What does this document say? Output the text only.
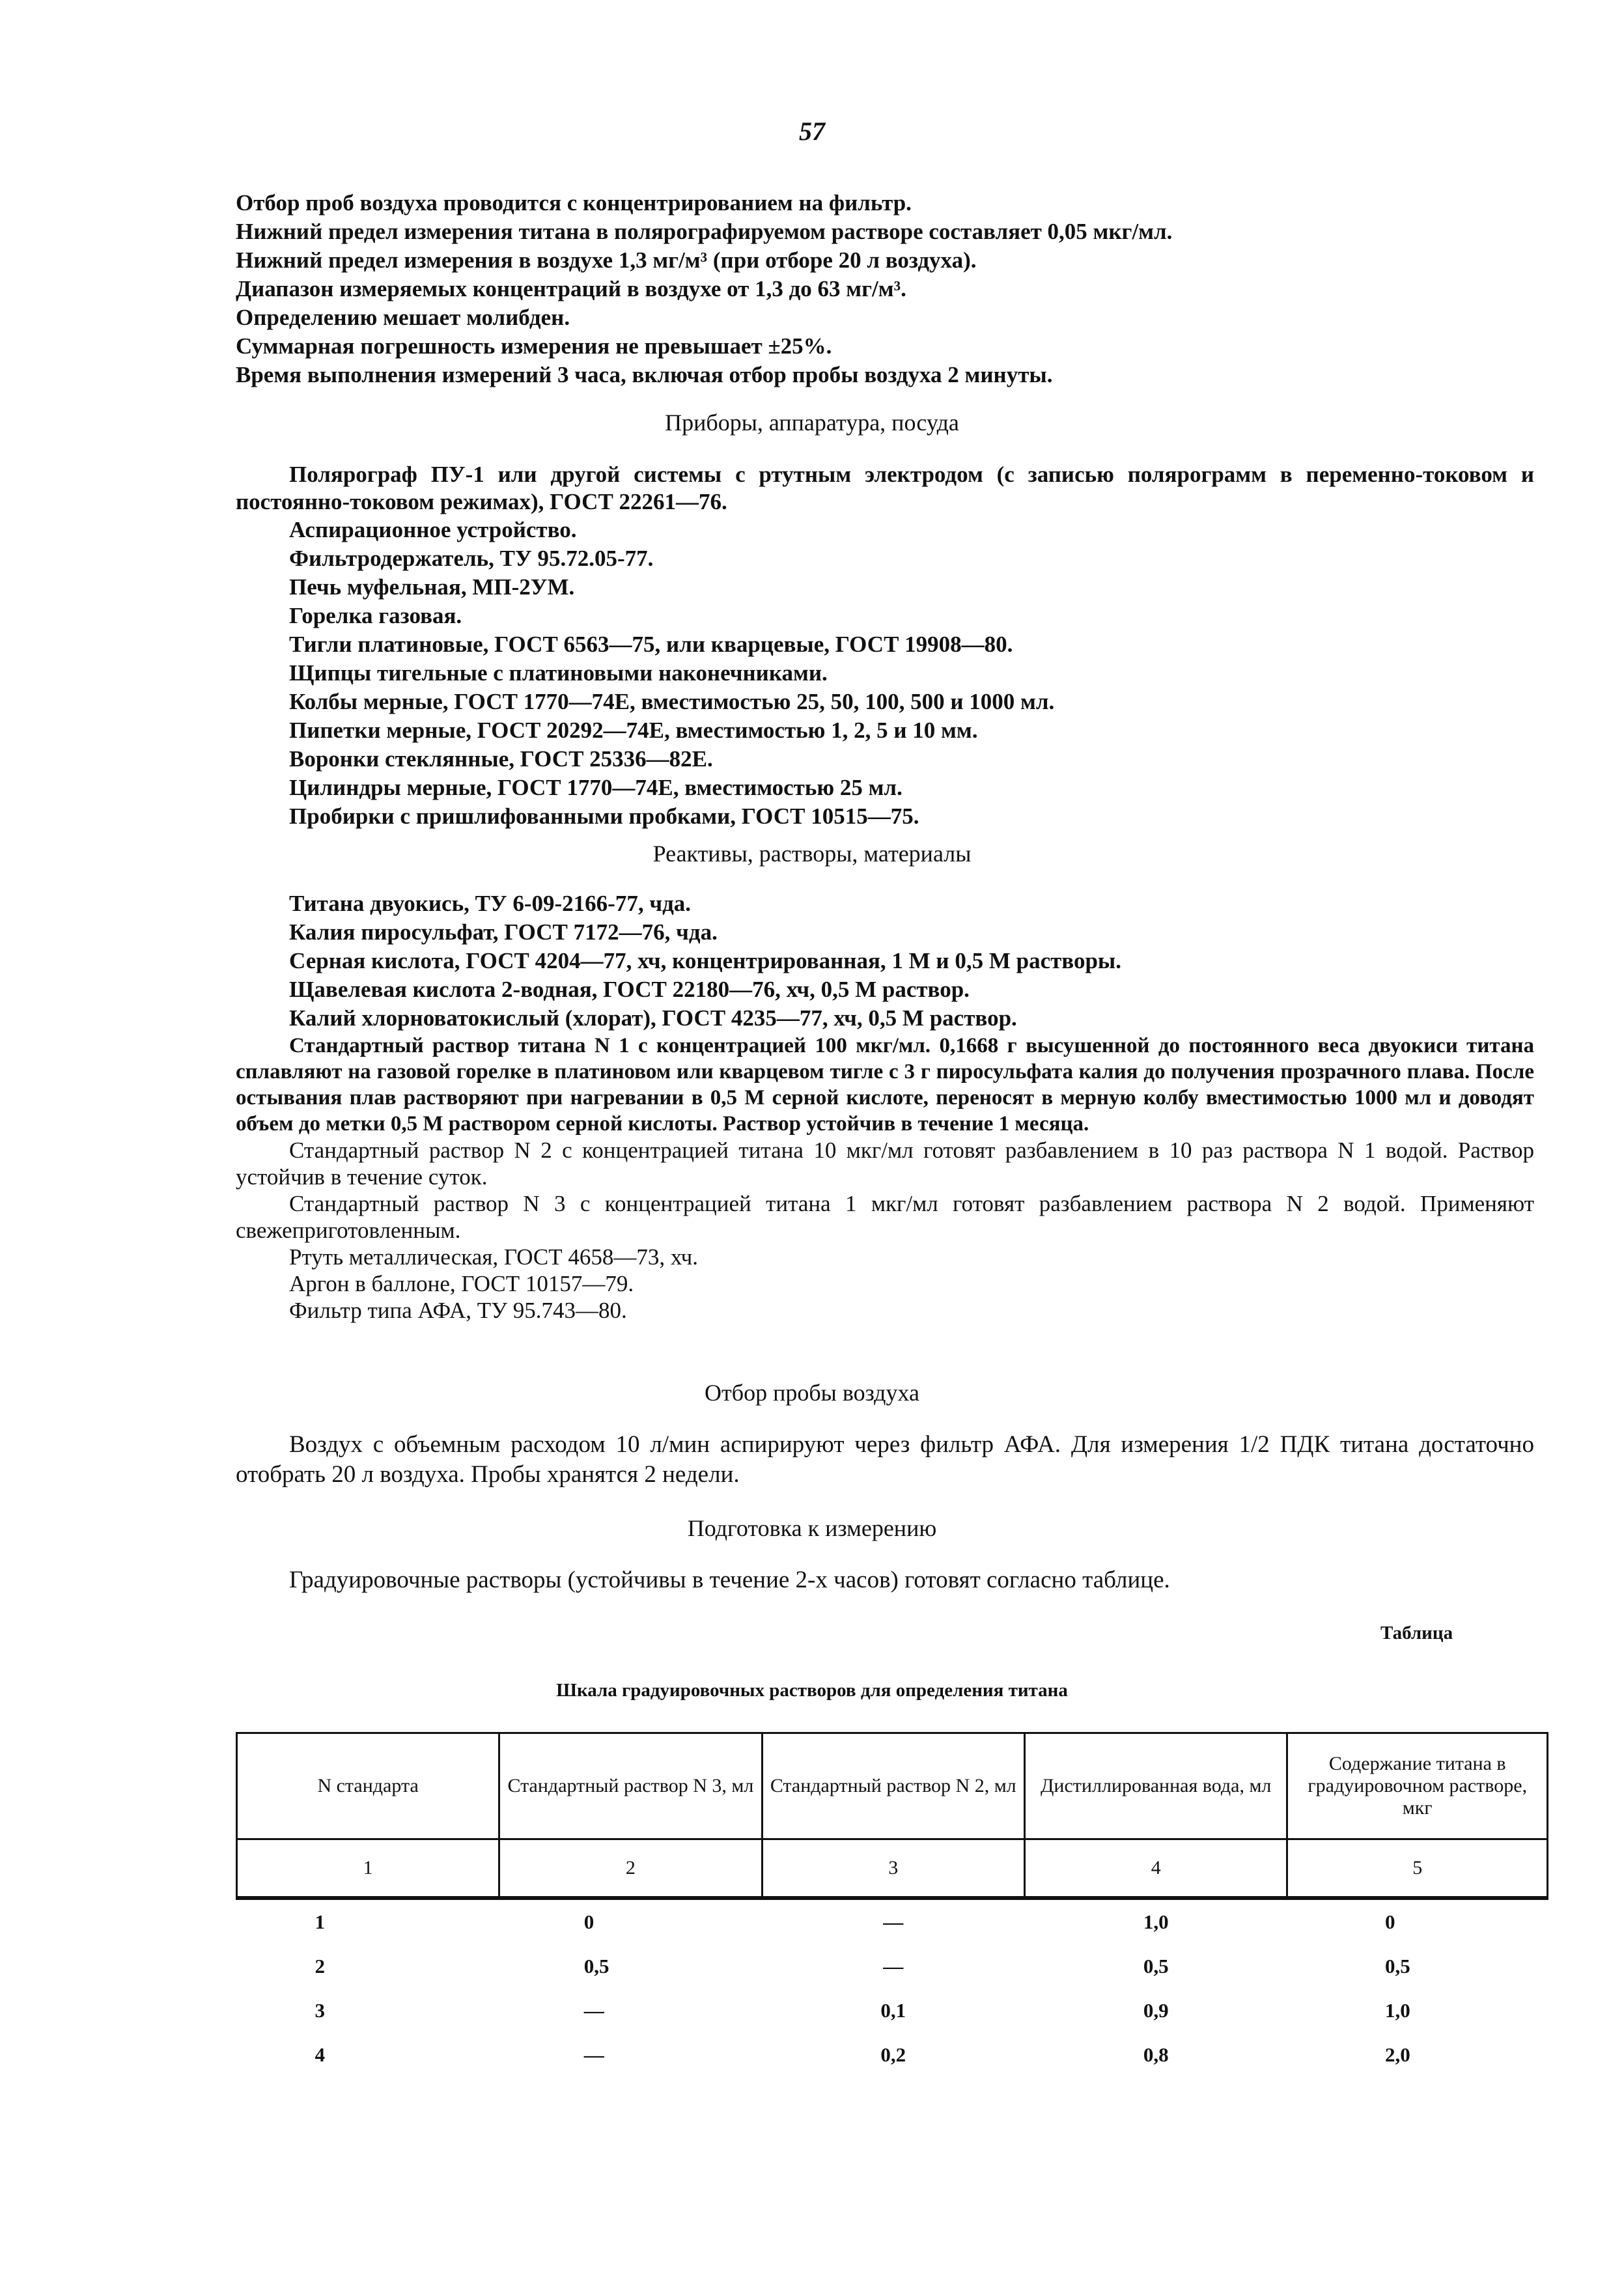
57
Отбор проб воздуха проводится с концентрированием на фильтр.
Нижний предел измерения титана в полярографируемом растворе составляет 0,05 мкг/мл.
Нижний предел измерения в воздухе 1,3 мг/м³ (при отборе 20 л воздуха).
Диапазон измеряемых концентраций в воздухе от 1,3 до 63 мг/м³.
Определению мешает молибден.
Суммарная погрешность измерения не превышает ±25%.
Время выполнения измерений 3 часа, включая отбор пробы воздуха 2 минуты.
Приборы, аппаратура, посуда
Полярограф ПУ-1 или другой системы с ртутным электродом (с записью полярограмм в переменно-токовом и постоянно-токовом режимах), ГОСТ 22261—76.
Аспирационное устройство.
Фильтродержатель, ТУ 95.72.05-77.
Печь муфельная, МП-2УМ.
Горелка газовая.
Тигли платиновые, ГОСТ 6563—75, или кварцевые, ГОСТ 19908—80.
Щипцы тигельные с платиновыми наконечниками.
Колбы мерные, ГОСТ 1770—74Е, вместимостью 25, 50, 100, 500 и 1000 мл.
Пипетки мерные, ГОСТ 20292—74Е, вместимостью 1, 2, 5 и 10 мм.
Воронки стеклянные, ГОСТ 25336—82Е.
Цилиндры мерные, ГОСТ 1770—74Е, вместимостью 25 мл.
Пробирки с пришлифованными пробками, ГОСТ 10515—75.
Реактивы, растворы, материалы
Титана двуокись, ТУ 6-09-2166-77, чда.
Калия пиросульфат, ГОСТ 7172—76, чда.
Серная кислота, ГОСТ 4204—77, хч, концентрированная, 1 М и 0,5 М растворы.
Щавелевая кислота 2-водная, ГОСТ 22180—76, хч, 0,5 М раствор.
Калий хлорноватокислый (хлорат), ГОСТ 4235—77, хч, 0,5 М раствор.
Стандартный раствор титана N 1 с концентрацией 100 мкг/мл. 0,1668 г высушенной до постоянного веса двуокиси титана сплавляют на газовой горелке в платиновом или кварцевом тигле с 3 г пиросульфата калия до получения прозрачного плава. После остывания плав растворяют при нагревании в 0,5 М серной кислоте, переносят в мерную колбу вместимостью 1000 мл и доводят объем до метки 0,5 М раствором серной кислоты. Раствор устойчив в течение 1 месяца.
Стандартный раствор N 2 с концентрацией титана 10 мкг/мл готовят разбавлением в 10 раз раствора N 1 водой. Раствор устойчив в течение суток.
Стандартный раствор N 3 с концентрацией титана 1 мкг/мл готовят разбавлением раствора N 2 водой. Применяют свежеприготовленным.
Ртуть металлическая, ГОСТ 4658—73, хч.
Аргон в баллоне, ГОСТ 10157—79.
Фильтр типа АФА, ТУ 95.743—80.
Отбор пробы воздуха
Воздух с объемным расходом 10 л/мин аспирируют через фильтр АФА. Для измерения 1/2 ПДК титана достаточно отобрать 20 л воздуха. Пробы хранятся 2 недели.
Подготовка к измерению
Градуировочные растворы (устойчивы в течение 2-х часов) готовят согласно таблице.
Таблица
Шкала градуировочных растворов для определения титана
N стандарта	Стандартный раствор N 3, мл	Стандартный раствор N 2, мл	Дистиллированная вода, мл	Содержание титана в градуировочном растворе, мкг
1	2	3	4	5
1	0	—	1,0	0
2	0,5	—	0,5	0,5
3	—	0,1	0,9	1,0
4	—	0,2	0,8	2,0
